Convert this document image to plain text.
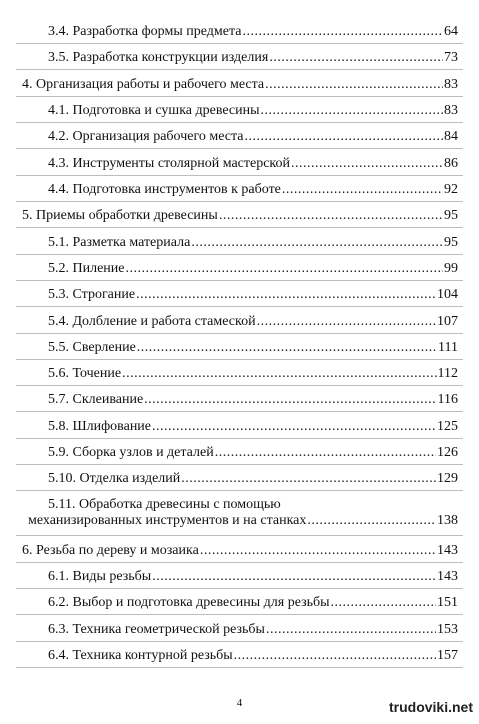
3.4. Разработка формы предмета .....	64
3.5. Разработка конструкции изделия .....	73
4. Организация работы и рабочего места .....	83
4.1. Подготовка и сушка древесины .....	83
4.2. Организация рабочего места .....	84
4.3. Инструменты столярной мастерской .....	86
4.4. Подготовка инструментов к работе .....	92
5. Приемы обработки древесины .....	95
5.1. Разметка материала .....	95
5.2. Пиление .....	99
5.3. Строгание .....	104
5.4. Долбление и работа стамеской .....	107
5.5. Сверление .....	111
5.6. Точение .....	112
5.7. Склеивание .....	116
5.8. Шлифование .....	125
5.9. Сборка узлов и деталей .....	126
5.10. Отделка изделий .....	129
5.11. Обработка древесины с помощью
механизированных инструментов и на станках .....	138
6. Резьба по дереву и мозаика .....	143
6.1. Виды резьбы .....	143
6.2. Выбор и подготовка древесины для резьбы .....	151
6.3. Техника геометрической резьбы .....	153
6.4. Техника контурной резьбы .....	157
4	trudoviki.net
